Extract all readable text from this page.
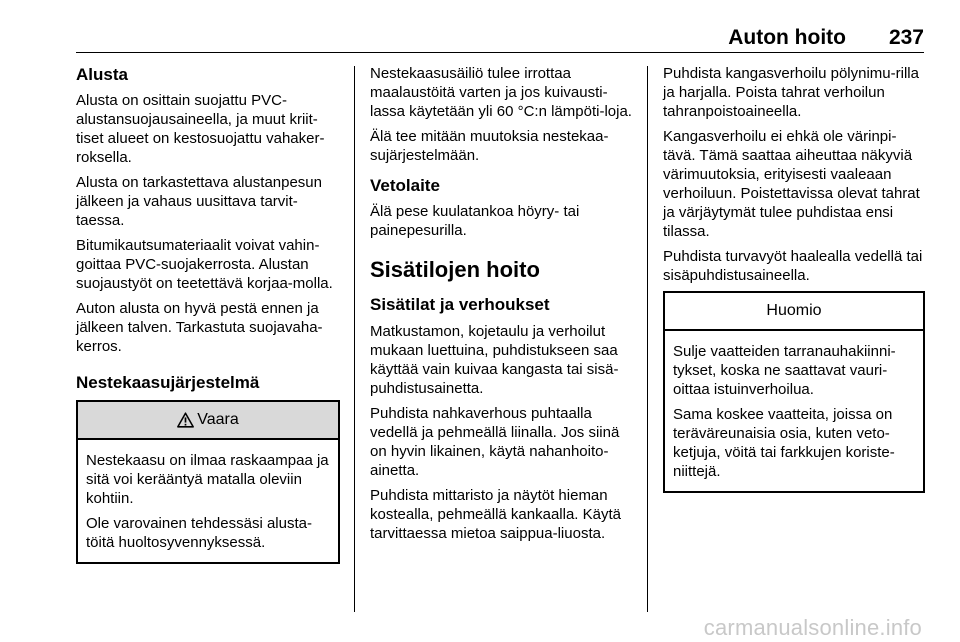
Auton hoito 237
Alusta

Alusta on osittain suojattu PVC-alustansuojausaineella, ja muut kriit-tiset alueet on kestosuojattu vahaker-roksella.

Alusta on tarkastettava alustanpesun jälkeen ja vahaus uusittava tarvit-taessa.

Bitumikautsumateriaalit voivat vahin-goittaa PVC-suojakerrosta. Alustan suojaustyöt on teetettävä korjaa-molla.

Auton alusta on hyvä pestä ennen ja jälkeen talven. Tarkastuta suojavaha-kerros.

Nestekaasujärjestelmä
Vaara

Nestekaasu on ilmaa raskaampaa ja sitä voi kerääntyä matalla oleviin kohtiin.

Ole varovainen tehdessäsi alusta-töitä huoltosyvennyksessä.

Nestekaasusäiliö tulee irrottaa maalaustöitä varten ja jos kuivausti-lassa käytetään yli 60 °C:n lämpöti-loja.

Älä tee mitään muutoksia nestekaa-sujärjestelmään.

Vetolaite

Älä pese kuulatankoa höyry- tai painepesurilla.

Sisätilojen hoito
Sisätilat ja verhoukset

Matkustamon, kojetaulu ja verhoilut mukaan luettuina, puhdistukseen saa käyttää vain kuivaa kangasta tai sisä-puhdistusainetta.

Puhdista nahkaverhous puhtaalla vedellä ja pehmeällä liinalla. Jos siinä on hyvin likainen, käytä nahanhoito-ainetta.

Puhdista mittaristo ja näytöt hieman kostealla, pehmeällä kankaalla. Käytä tarvittaessa mietoa saippua-liuosta.

Puhdista kangasverhoilu pölynimu-rilla ja harjalla. Poista tahrat verhoilun tahranpoistoaineella.

Kangasverhoilu ei ehkä ole värinpi-tävä. Tämä saattaa aiheuttaa näkyviä värimuutoksia, erityisesti vaaleaan verhoiluun. Poistettavissa olevat tahrat ja värjäytymät tulee puhdistaa ensi tilassa.

Puhdista turvavyöt haalealla vedellä tai sisäpuhdistusaineella.

Huomio

Sulje vaatteiden tarranauhakiinni-tykset, koska ne saattavat vauri-oittaa istuinverhoilua.

Sama koskee vaatteita, joissa on teräväreunaisia osia, kuten veto-ketjuja, vöitä tai farkkujen koriste-niittejä.

carmanualsonline.info
